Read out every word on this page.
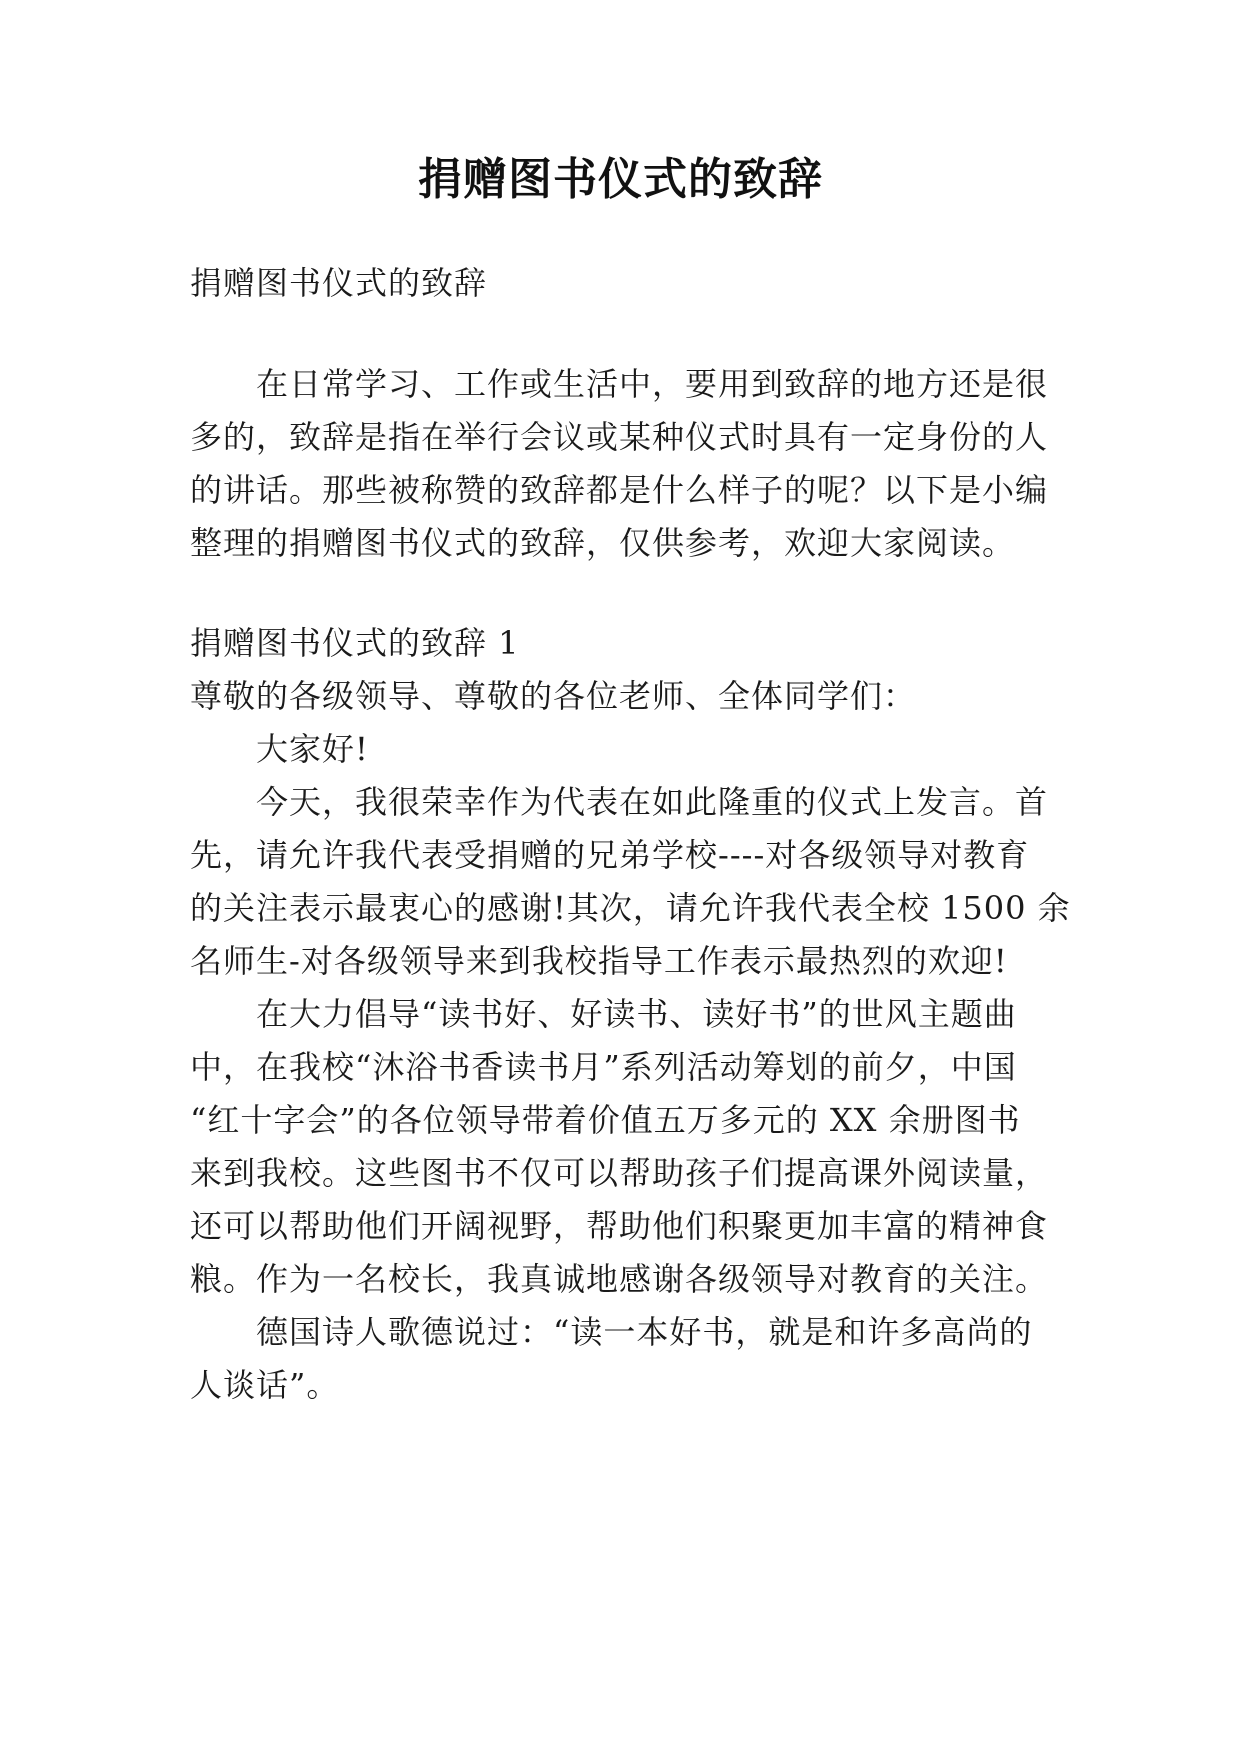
捐赠图书仪式的致辞
捐赠图书仪式的致辞
在日常学习、工作或生活中，要用到致辞的地方还是很
多的，致辞是指在举行会议或某种仪式时具有一定身份的人
的讲话。那些被称赞的致辞都是什么样子的呢？以下是小编
整理的捐赠图书仪式的致辞，仅供参考，欢迎大家阅读。
捐赠图书仪式的致辞 1
尊敬的各级领导、尊敬的各位老师、全体同学们：
大家好!
今天，我很荣幸作为代表在如此隆重的仪式上发言。首
先，请允许我代表受捐赠的兄弟学校----对各级领导对教育
的关注表示最衷心的感谢!其次，请允许我代表全校 1500 余
名师生-对各级领导来到我校指导工作表示最热烈的欢迎!
在大力倡导“读书好、好读书、读好书”的世风主题曲
中，在我校“沐浴书香读书月”系列活动筹划的前夕，中国
“红十字会”的各位领导带着价值五万多元的 XX 余册图书
来到我校。这些图书不仅可以帮助孩子们提高课外阅读量，
还可以帮助他们开阔视野，帮助他们积聚更加丰富的精神食
粮。作为一名校长，我真诚地感谢各级领导对教育的关注。
德国诗人歌德说过：“读一本好书，就是和许多高尚的
人谈话”。
